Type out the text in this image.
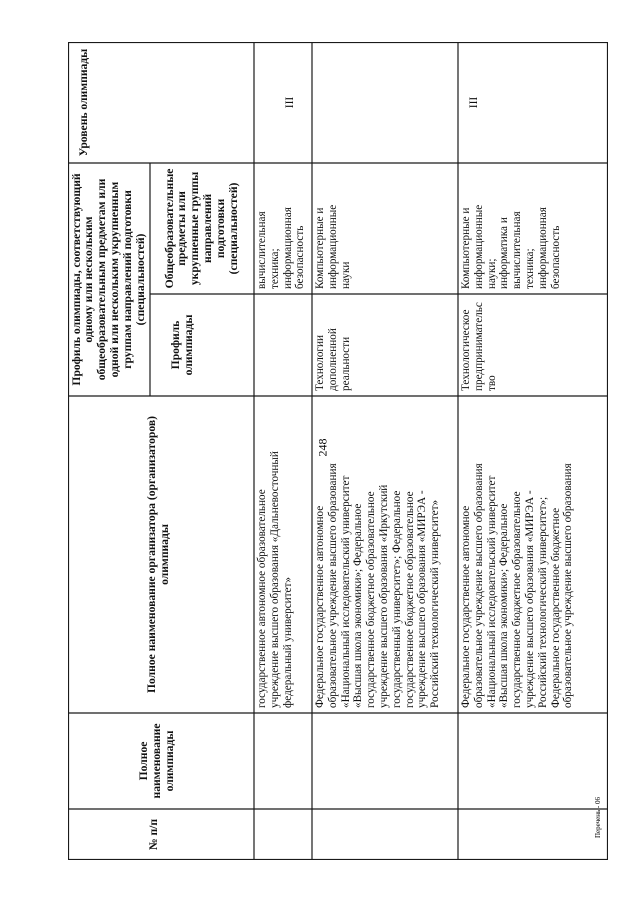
248
№ п/п
Полное наименование олимпиады
Полное наименование организатора (организаторов) олимпиады
Профиль олимпиады, соответствующий одному или нескольким общеобразовательным предметам или одной или нескольким укрупненным группам направлений подготовки (специальностей)
Профиль олимпиады
Общеобразовательные предметы или укрупненные группы направлений подготовки (специальностей)
Уровень олимпиады
государственное автономное образовательное
учреждение высшего образования «Дальневосточный
федеральный университет»
вычислительная
техника;
информационная
безопасность
Федеральное государственное автономное
образовательное учреждение высшего образования
«Национальный исследовательский университет
«Высшая школа экономики»; Федеральное
государственное бюджетное образовательное
учреждение высшего образования «Иркутский
государственный университет»; Федеральное
государственное бюджетное образовательное
учреждение высшего образования «МИРЭА -
Российский технологический университет»
Технологии
дополненной
реальности
Компьютерные и
информационные
науки
III
Федеральное государственное автономное
образовательное учреждение высшего образования
«Национальный исследовательский университет
«Высшая школа экономики»; Федеральное
государственное бюджетное образовательное
учреждение высшего образования «МИРЭА -
Российский технологический университет»;
Федеральное государственное бюджетное
образовательное учреждение высшего образования
Технологическое
предпринимательс
тво
Компьютерные и
информационные
науки;
информатика и
вычислительная
техника;
информационная
безопасность
III
Перечень - 06
